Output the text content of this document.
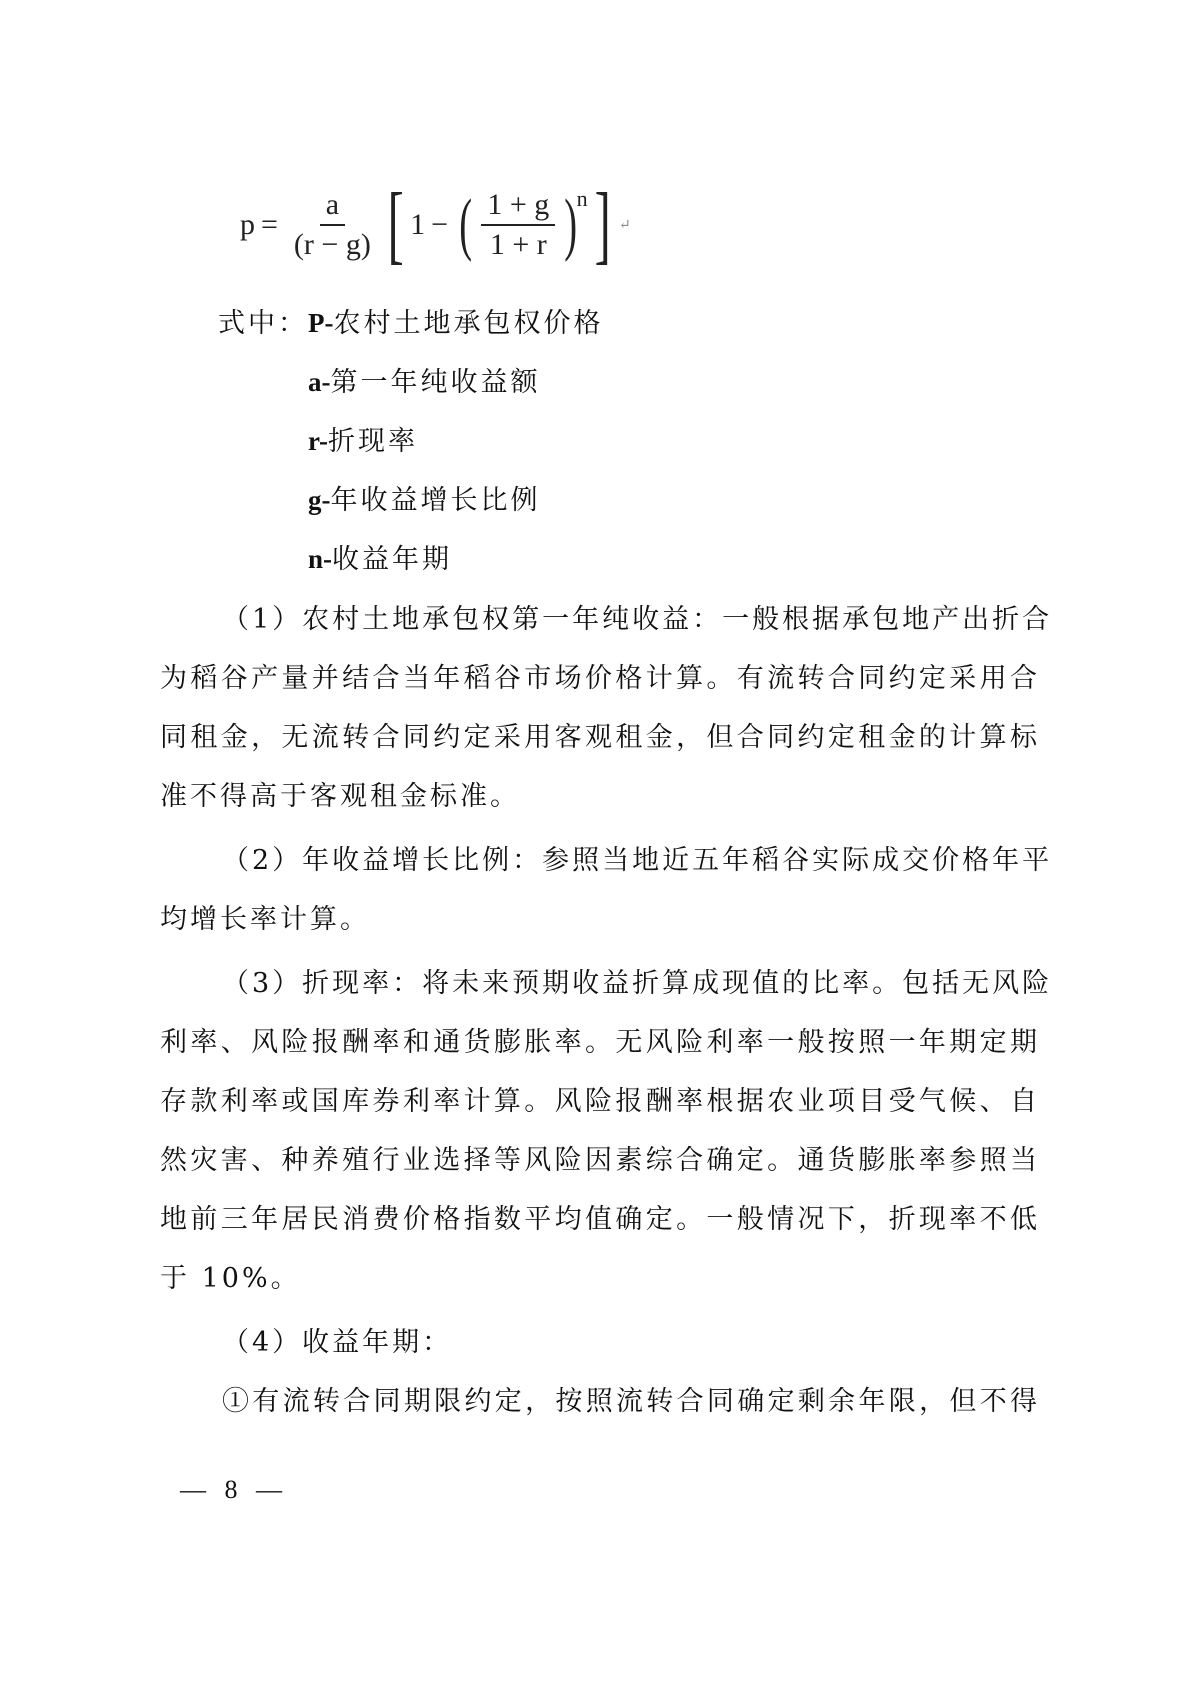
$p = \frac{a}{(r - g)}$ [ 1 − ( $\frac{1 + g}{1 + r}$ ) n ] ↵
式中：P-农村土地承包权价格
a-第一年纯收益额
r-折现率
g-年收益增长比例
n-收益年期
（1）农村土地承包权第一年纯收益：一般根据承包地产出折合
为稻谷产量并结合当年稻谷市场价格计算。有流转合同约定采用合
同租金，无流转合同约定采用客观租金，但合同约定租金的计算标
准不得高于客观租金标准。
（2）年收益增长比例：参照当地近五年稻谷实际成交价格年平
均增长率计算。
（3）折现率：将未来预期收益折算成现值的比率。包括无风险
利率、风险报酬率和通货膨胀率。无风险利率一般按照一年期定期
存款利率或国库券利率计算。风险报酬率根据农业项目受气候、自
然灾害、种养殖行业选择等风险因素综合确定。通货膨胀率参照当
地前三年居民消费价格指数平均值确定。一般情况下，折现率不低
于 10%。
（4）收益年期：
①有流转合同期限约定，按照流转合同确定剩余年限，但不得
— 8 —
